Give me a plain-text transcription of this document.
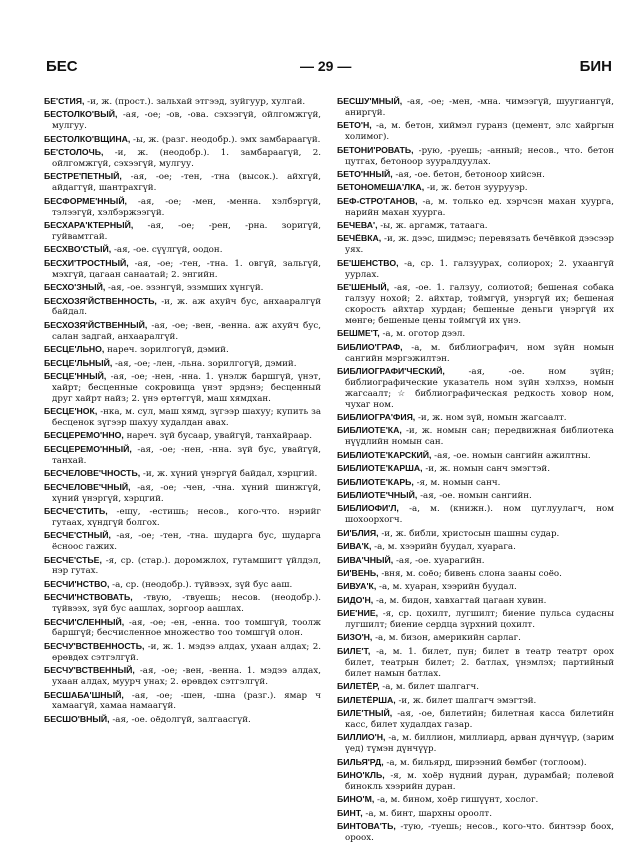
БЕС	— 29 —	БИН

БЕ'СТИЯ, -и, ж. (прост.). зальхай этгээд, зуйгуур, хулгай.

БЕСТОЛКО'ВЫЙ, -ая, -ое; -ов, -ова. сэхээгүй, ойлгомжгүй, мулгуу.

БЕСТОЛКО'ВЩИНА, -ы, ж. (разг. неодобр.). эмх замбараагүй.

БЕ'СТОЛОЧЬ, -и, ж. (неодобр.). 1. замбараагүй, 2. ойлгомжгүй, сэхээгүй, мулгуу.

БЕСТРЕ'ПЕТНЫЙ, -ая, -ое; -тен, -тна (высок.). айхгүй, айдаггүй, шантрахгүй.

БЕСФОРМЕ'ННЫЙ, -ая, -ое; -мен, -менна. хэлбэргүй, тэлээгүй, хэлбэржээгүй.

БЕСХАРА'КТЕРНЫЙ, -ая, -ое; -рен, -рна. зоригүй, гуйвамтгай.

БЕСХВО'СТЫЙ, -ая, -ое. сүүлгүй, оодон.

БЕСХИ'ТРОСТНЫЙ, -ая, -ое; -тен, -тна. 1. овгүй, зальгүй, мэхгүй, цагаан санаатай; 2. энгийн.

БЕСХО'ЗНЫЙ, -ая, -ое. эзэнгүй, эзэмших хүнгүй.

БЕСХОЗЯ'ЙСТВЕННОСТЬ, -и, ж. аж ахуйч бус, анхааралгүй байдал.

БЕСХОЗЯ'ЙСТВЕННЫЙ, -ая, -ое; -вен, -венна. аж ахуйч бус, салан задгай, анхааралгүй.

БЕСЦЕ'ЛЬНО, нареч. зорилгогүй, дэмий.

БЕСЦЕ'ЛЬНЫЙ, -ая, -ое; -лен, -льна. зорилгогүй, дэмий.

БЕСЦЕ'ННЫЙ, -ая, -ое; -нен, -нна. 1. үнэлж баршгүй, үнэт, хайрт; бесценные сокровища үнэт эрдэнэ; бесценный друг хайрт найз; 2. үнэ өртөггүй, маш хямдхан.

БЕСЦЕ'НОК, -нка, м. сул, маш хямд, зүгээр шахуу; купить за бесценок зүгээр шахуу худалдан авах.

БЕСЦЕРЕМО'ННО, нареч. зүй бусаар, увайгүй, танхайраар.

БЕСЦЕРЕМО'ННЫЙ, -ая, -ое; -нен, -нна. зүй бус, увайгүй, танхай.

БЕСЧЕЛОВЕ'ЧНОСТЬ, -и, ж. хүний үнэргүй байдал, хэрцгий.

БЕСЧЕЛОВЕ'ЧНЫЙ, -ая, -ое; -чен, -чна. хүний шинжгүй, хүний үнэргүй, хэрцгий.

БЕСЧЕ'СТИТЬ, -ещу, -естишь; несов., кого-что. нэрийг гутаах, хүндгүй болгох.

БЕСЧЕ'СТНЫЙ, -ая, -ое; -тен, -тна. шударга бус, шударга ёсноос гажих.

БЕСЧЕ'СТЬЕ, -я, ср. (стар.). доромжлох, гутамшигт үйлдэл, нэр гутах.

БЕСЧИ'НСТВО, -а, ср. (неодобр.). түйвээх, зүй бус ааш.

БЕСЧИ'НСТВОВАТЬ, -твую, -твуешь; несов. (неодобр.). түйвээх, зүй бус аашлах, зоргоор аашлах.

БЕСЧИ'СЛЕННЫЙ, -ая, -ое; -ен, -енна. тоо томшгүй, тоолж баршгүй; бесчисленное множество тоо томшгүй олон.

БЕСЧУ'ВСТВЕННОСТЬ, -и, ж. 1. мэдээ алдах, ухаан алдах; 2. өрөвдөх сэтгэлгүй.

БЕСЧУ'ВСТВЕННЫЙ, -ая, -ое; -вен, -венна. 1. мэдээ алдах, ухаан алдах, муурч унах; 2. өрөвдөх сэтгэлгүй.

БЕСШАБА'ШНЫЙ, -ая, -ое; -шен, -шна (разг.). ямар ч хамаагүй, хамаа намаагүй.

БЕСШО'ВНЫЙ, -ая, -ое. оёдолгүй, залгаасгүй.

БЕСШУ'МНЫЙ, -ая, -ое; -мен, -мна. чимээгүй, шуугиангүй, аниргүй.

БЕТО'Н, -а, м. бетон, хиймэл гуранз (цемент, элс хайргын холимог).

БЕТОНИ'РОВАТЬ, -рую, -руешь; -анный; несов., что. бетон цутгах, бетоноор зууралдуулах.

БЕТО'ННЫЙ, -ая, -ое. бетон, бетоноор хийсэн.

БЕТОНОМЕША'ЛКА, -и, ж. бетон зуурууэр.

БЕФ-СТРО'ГАНОВ, -а, м. только ед. хэрчсэн махан хуурга, нарийн махан хуурга.

БЕЧЕВА', -ы, ж. аргамж, татаага.

БЕЧЁВКА, -и, ж. дээс, шидмэс; перевязать бечёвкой дээсээр уях.

БЕ'ШЕНСТВО, -а, ср. 1. галзуурах, солиорох; 2. ухаангүй уурлах.

БЕ'ШЕНЫЙ, -ая, -ое. 1. галзуу, солиотой; бешеная собака галзуу нохой; 2. айхтар, тоймгүй, унэргүй их; бешеная скорость айхтар хурдан; бешеные деньги үнэргүй их мөнгө; бешеные цены тоймгүй их үнэ.

БЕШМЕ'Т, -а, м. оготор дээл.

БИБЛИО'ГРАФ, -а, м. библиографич, ном зүйн номын сангийн мэргэжилтэн.

БИБЛИОГРАФИ'ЧЕСКИЙ, -ая, -ое. ном зүйн; библиографические указатель ном зүйн хэлхээ, номын жагсаалт; ☆ библиографическая редкость ховор ном, чухаг ном.

БИБЛИОГРА'ФИЯ, -и, ж. ном зүй, номын жагсаалт.

БИБЛИОТЕ'КА, -и, ж. номын сан; передвижная библиотека нүүдлийн номын сан.

БИБЛИОТЕ'КАРСКИЙ, -ая, -ое. номын сангийн ажилтны.

БИБЛИОТЕ'КАРША, -и, ж. номын санч эмэгтэй.

БИБЛИОТЕ'КАРЬ, -я, м. номын санч.

БИБЛИОТЕ'ЧНЫЙ, -ая, -ое. номын сангийн.

БИБЛИОФИ'Л, -а, м. (книжн.). ном цуглуулагч, ном шохоорхогч.

БИ'БЛИЯ, -и, ж. библи, христосын шашны судар.

БИВА'К, -а, м. хээрийн буудал, хуарага.

БИВА'ЧНЫЙ, -ая, -ое. хуарагийн.

БИ'ВЕНЬ, -вня, м. соёо; бивень слона зааны соёо.

БИВУА'К, -а, м. хуаран, хээрийн буудал.

БИДО'Н, -а, м. бидон, хавхагтай цагаан хувин.

БИЕ'НИЕ, -я, ср. цохилт, лугшилт; биение пульса судасны лугшилт; биение сердца зүрхний цохилт.

БИЗО'Н, -а, м. бизон, америкийн сарлаг.

БИЛЕ'Т, -а, м. 1. билет, пун; билет в театр театрт орох билет, театрын билет; 2. батлах, үнэмлэх; партийный билет намын батлах.

БИЛЕТЁР, -а, м. билет шалгагч.

БИЛЕТЁРША, -и, ж. билет шалгагч эмэгтэй.

БИЛЕ'ТНЫЙ, -ая, -ое, билетийн; билетная касса билетийн касс, билет худалдах газар.

БИЛЛИО'Н, -а, м. биллион, миллиард, арван дүнчүүр, (зарим үед) түмэн дүнчүүр.

БИЛЬЯ'РД, -а, м. бильярд, ширээний бөмбөг (тоглоом).

БИНО'КЛЬ, -я, м. хоёр нүдний дуран, дурамбай; полевой бинокль хээрийн дуран.

БИНО'М, -а, м. бином, хоёр гишүүнт, хослог.

БИНТ, -а, м. бинт, шархны ороолт.

БИНТОВА'ТЬ, -тую, -туешь; несов., кого-что. бинтээр боох, ороох.
